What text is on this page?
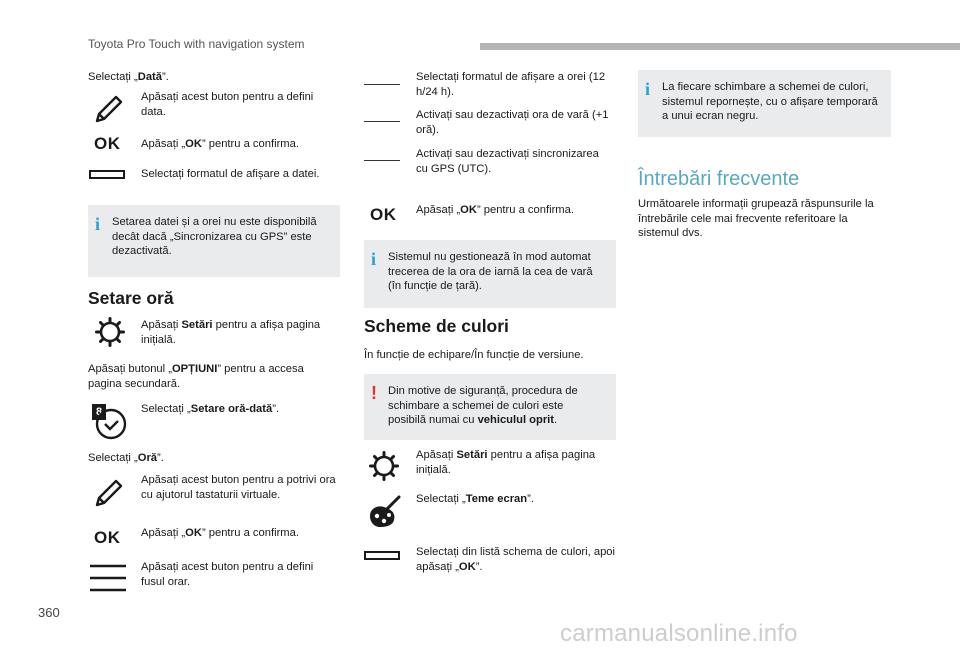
Toyota Pro Touch with navigation system
Selectați „Dată”.
Apăsați acest buton pentru a defini data.
OK Apăsați „OK” pentru a confirma.
Selectați formatul de afișare a datei.
i Setarea datei și a orei nu este disponibilă decât dacă „Sincronizarea cu GPS” este dezactivată.
Setare oră
Apăsați Setări pentru a afișa pagina inițială.
Apăsați butonul „OPȚIUNI” pentru a accesa pagina secundară.
8	Selectați „Setare oră-dată”.
Selectați „Oră”.
Apăsați acest buton pentru a potrivi ora cu ajutorul tastaturii virtuale.
OK Apăsați „OK” pentru a confirma.
Apăsați acest buton pentru a defini fusul orar.
Selectați formatul de afișare a orei (12 h/24 h).
Activați sau dezactivați ora de vară (+1 oră).
Activați sau dezactivați sincronizarea cu GPS (UTC).
OK Apăsați „OK” pentru a confirma.
i Sistemul nu gestionează în mod automat trecerea de la ora de iarnă la cea de vară (în funcție de țară).
Scheme de culori
În funcție de echipare/În funcție de versiune.
! Din motive de siguranță, procedura de schimbare a schemei de culori este posibilă numai cu vehiculul oprit.
Apăsați Setări pentru a afișa pagina inițială.
Selectați „Teme ecran”.
Selectați din listă schema de culori, apoi apăsați „OK”.
i La fiecare schimbare a schemei de culori, sistemul repornește, cu o afișare temporară a unui ecran negru.
Întrebări frecvente
Următoarele informații grupează răspunsurile la întrebările cele mai frecvente referitoare la sistemul dvs.
360
carmanualsonline.info
